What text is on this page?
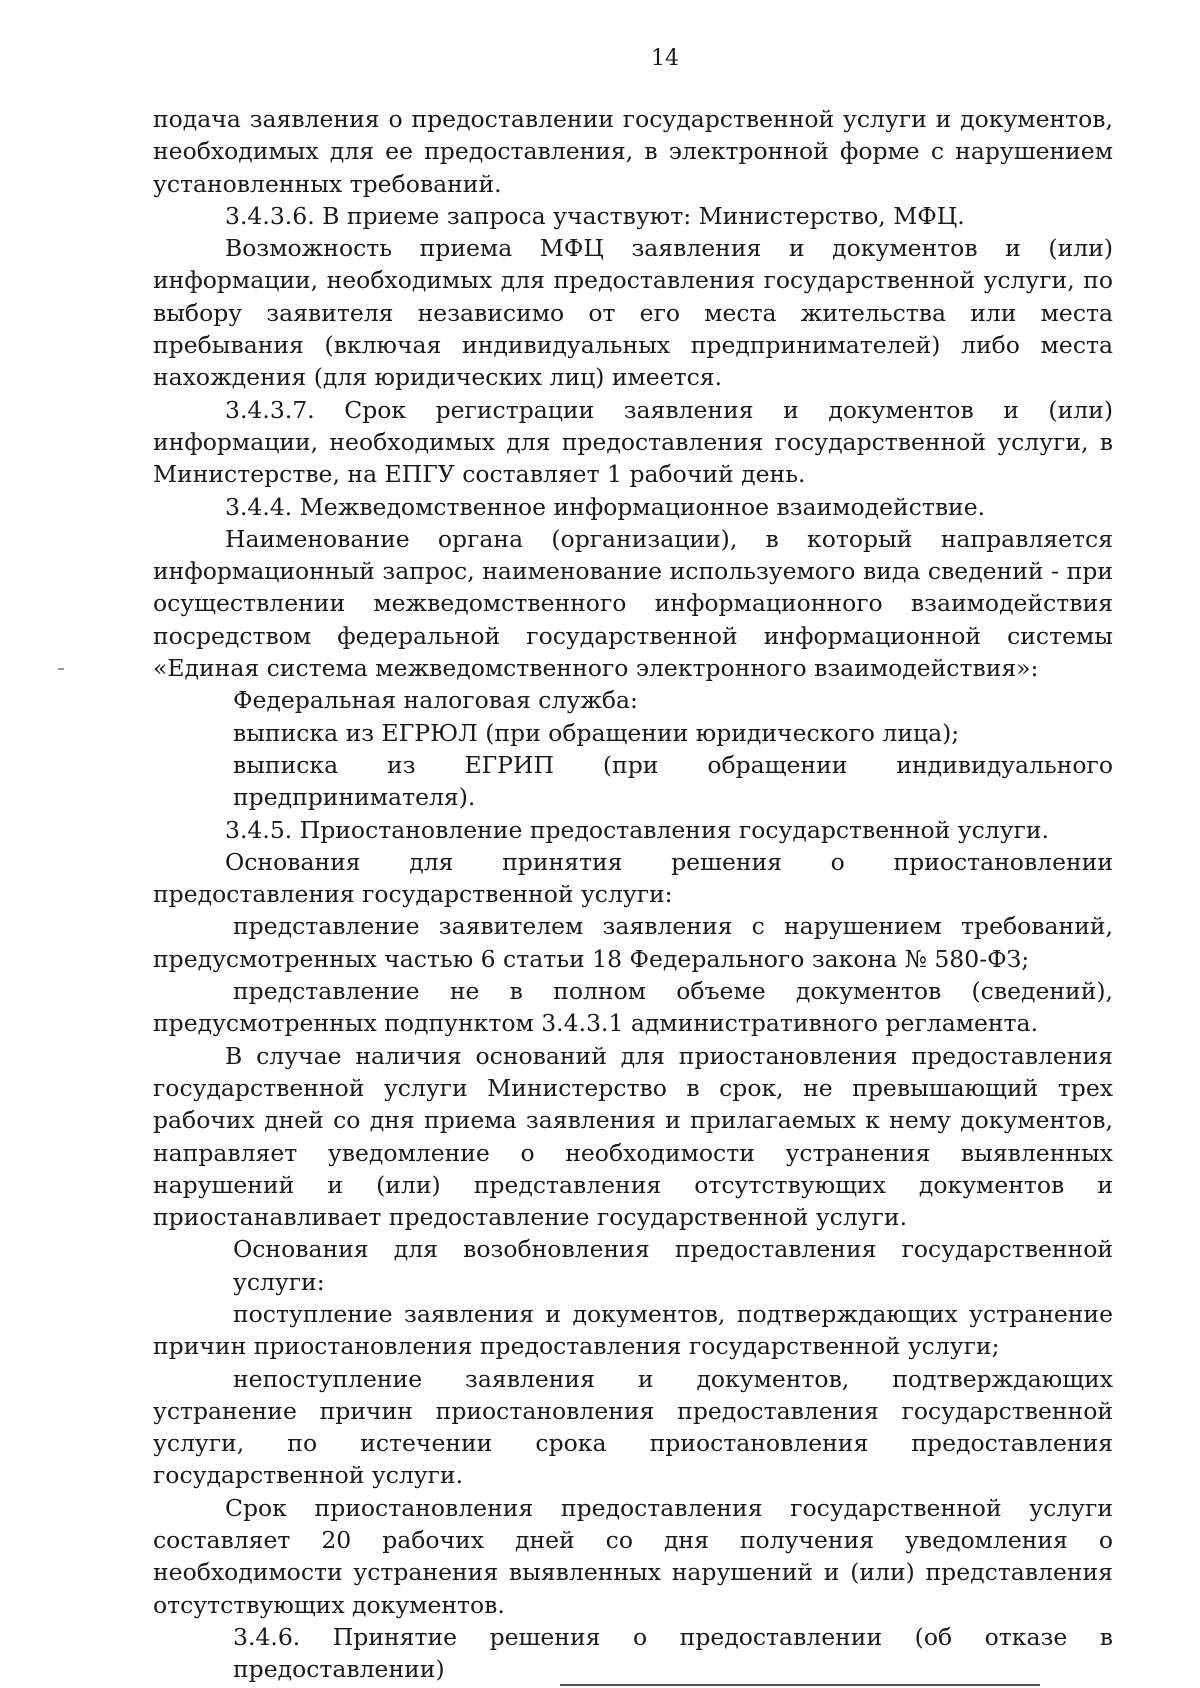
14

подача заявления о предоставлении государственной услуги и документов, необходимых для ее предоставления, в электронной форме с нарушением установленных требований.

3.4.3.6. В приеме запроса участвуют: Министерство, МФЦ.

Возможность приема МФЦ заявления и документов и (или) информации, необходимых для предоставления государственной услуги, по выбору заявителя независимо от его места жительства или места пребывания (включая индивидуальных предпринимателей) либо места нахождения (для юридических лиц) имеется.

3.4.3.7. Срок регистрации заявления и документов и (или) информации, необходимых для предоставления государственной услуги, в Министерстве, на ЕПГУ составляет 1 рабочий день.

3.4.4. Межведомственное информационное взаимодействие.

Наименование органа (организации), в который направляется информационный запрос, наименование используемого вида сведений - при осуществлении межведомственного информационного взаимодействия посредством федеральной государственной информационной системы «Единая система межведомственного электронного взаимодействия»:

Федеральная налоговая служба:

выписка из ЕГРЮЛ (при обращении юридического лица);

выписка из ЕГРИП (при обращении индивидуального предпринимателя).

3.4.5. Приостановление предоставления государственной услуги.

Основания для принятия решения о приостановлении предоставления государственной услуги:

представление заявителем заявления с нарушением требований, предусмотренных частью 6 статьи 18 Федерального закона № 580-ФЗ;

представление не в полном объеме документов (сведений), предусмотренных подпунктом 3.4.3.1 административного регламента.

В случае наличия оснований для приостановления предоставления государственной услуги Министерство в срок, не превышающий трех рабочих дней со дня приема заявления и прилагаемых к нему документов, направляет уведомление о необходимости устранения выявленных нарушений и (или) представления отсутствующих документов и приостанавливает предоставление государственной услуги.

Основания для возобновления предоставления государственной услуги:

поступление заявления и документов, подтверждающих устранение причин приостановления предоставления государственной услуги;

непоступление заявления и документов, подтверждающих устранение причин приостановления предоставления государственной услуги, по истечении срока приостановления предоставления государственной услуги.

Срок приостановления предоставления государственной услуги составляет 20 рабочих дней со дня получения уведомления о необходимости устранения выявленных нарушений и (или) представления отсутствующих документов.

3.4.6. Принятие решения о предоставлении (об отказе в предоставлении)
